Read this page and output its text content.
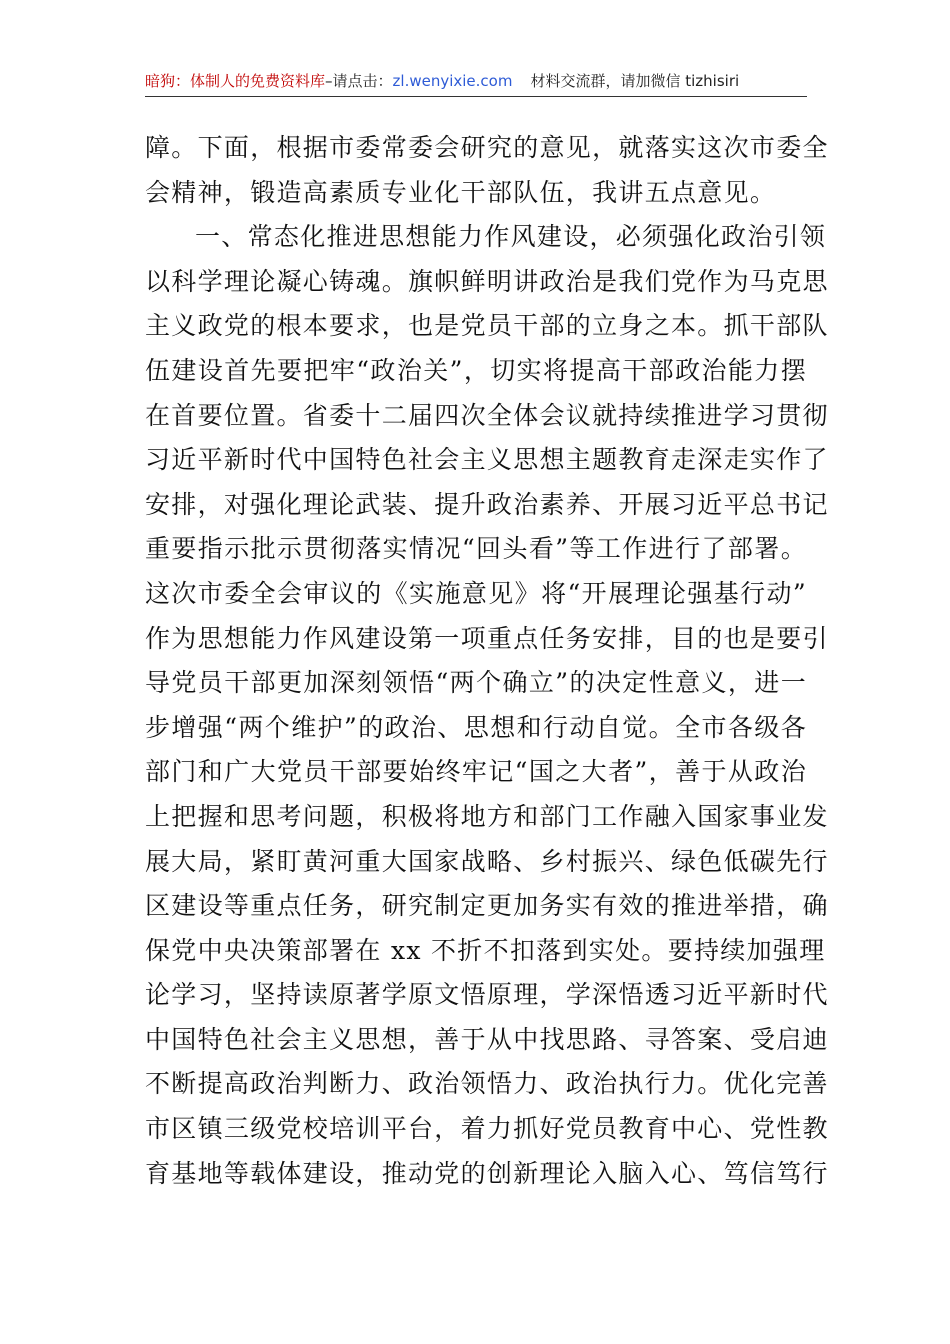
暗狗：体制人的免费资料库–请点击：zl.wenyixie.com 材料交流群，请加微信 tizhisiri
障。下面，根据市委常委会研究的意见，就落实这次市委全
会精神，锻造高素质专业化干部队伍，我讲五点意见。
一、常态化推进思想能力作风建设，必须强化政治引领
以科学理论凝心铸魂。旗帜鲜明讲政治是我们党作为马克思
主义政党的根本要求，也是党员干部的立身之本。抓干部队
伍建设首先要把牢“政治关”，切实将提高干部政治能力摆
在首要位置。省委十二届四次全体会议就持续推进学习贯彻
习近平新时代中国特色社会主义思想主题教育走深走实作了
安排，对强化理论武装、提升政治素养、开展习近平总书记
重要指示批示贯彻落实情况“回头看”等工作进行了部署。
这次市委全会审议的《实施意见》将“开展理论强基行动”
作为思想能力作风建设第一项重点任务安排，目的也是要引
导党员干部更加深刻领悟“两个确立”的决定性意义，进一
步增强“两个维护”的政治、思想和行动自觉。全市各级各
部门和广大党员干部要始终牢记“国之大者”，善于从政治
上把握和思考问题，积极将地方和部门工作融入国家事业发
展大局，紧盯黄河重大国家战略、乡村振兴、绿色低碳先行
区建设等重点任务，研究制定更加务实有效的推进举措，确
保党中央决策部署在 xx 不折不扣落到实处。要持续加强理
论学习，坚持读原著学原文悟原理，学深悟透习近平新时代
中国特色社会主义思想，善于从中找思路、寻答案、受启迪
不断提高政治判断力、政治领悟力、政治执行力。优化完善
市区镇三级党校培训平台，着力抓好党员教育中心、党性教
育基地等载体建设，推动党的创新理论入脑入心、笃信笃行
